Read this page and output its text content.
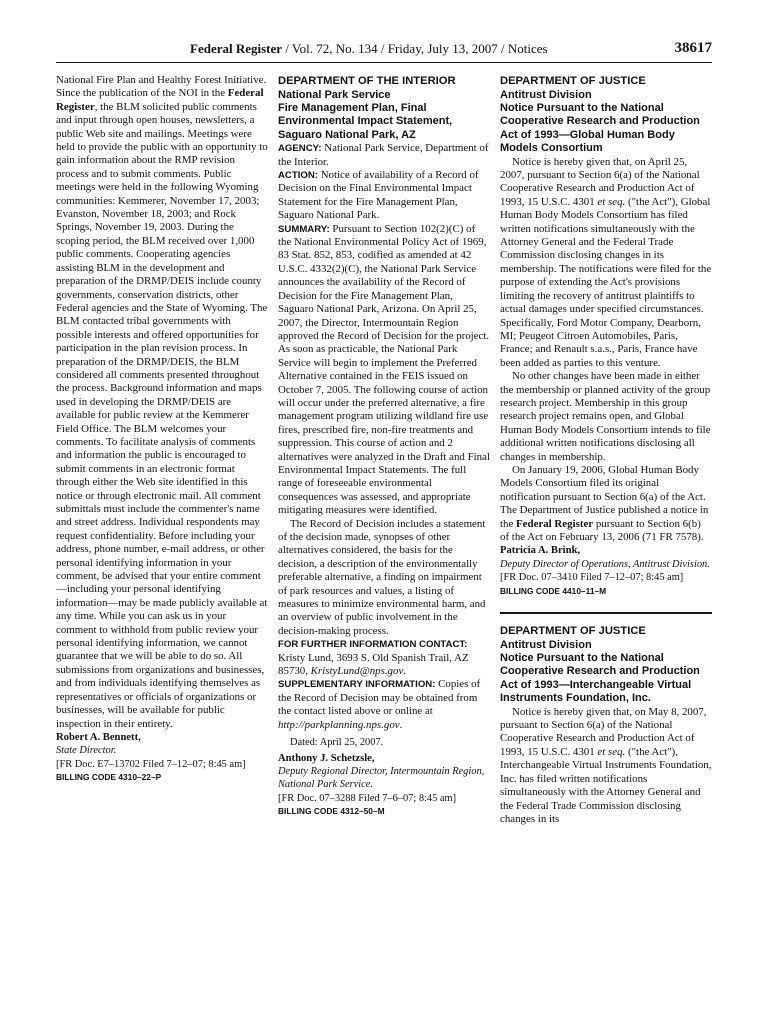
Federal Register / Vol. 72, No. 134 / Friday, July 13, 2007 / Notices	38617

National Fire Plan and Healthy Forest Initiative. Since the publication of the NOI in the Federal Register, the BLM solicited public comments and input through open houses, newsletters, a public Web site and mailings. Meetings were held to provide the public with an opportunity to gain information about the RMP revision process and to submit comments. Public meetings were held in the following Wyoming communities: Kemmerer, November 17, 2003; Evanston, November 18, 2003; and Rock Springs, November 19, 2003. During the scoping period, the BLM received over 1,000 public comments. Cooperating agencies assisting BLM in the development and preparation of the DRMP/DEIS include county governments, conservation districts, other Federal agencies and the State of Wyoming. The BLM contacted tribal governments with possible interests and offered opportunities for participation in the plan revision process. In preparation of the DRMP/DEIS, the BLM considered all comments presented throughout the process. Background information and maps used in developing the DRMP/DEIS are available for public review at the Kemmerer Field Office. The BLM welcomes your comments. To facilitate analysis of comments and information the public is encouraged to submit comments in an electronic format through either the Web site identified in this notice or through electronic mail. All comment submittals must include the commenter's name and street address. Individual respondents may request confidentiality. Before including your address, phone number, e-mail address, or other personal identifying information in your comment, be advised that your entire comment—including your personal identifying information—may be made publicly available at any time. While you can ask us in your comment to withhold from public review your personal identifying information, we cannot guarantee that we will be able to do so. All submissions from organizations and businesses, and from individuals identifying themselves as representatives or officials of organizations or businesses, will be available for public inspection in their entirety.

Robert A. Bennett,

State Director.

[FR Doc. E7–13702 Filed 7–12–07; 8:45 am]

BILLING CODE 4310–22–P

DEPARTMENT OF THE INTERIOR

National Park Service

Fire Management Plan, Final Environmental Impact Statement, Saguaro National Park, AZ

AGENCY: National Park Service, Department of the Interior.

ACTION: Notice of availability of a Record of Decision on the Final Environmental Impact Statement for the Fire Management Plan, Saguaro National Park.

SUMMARY: Pursuant to Section 102(2)(C) of the National Environmental Policy Act of 1969, 83 Stat. 852, 853, codified as amended at 42 U.S.C. 4332(2)(C), the National Park Service announces the availability of the Record of Decision for the Fire Management Plan, Saguaro National Park, Arizona. On April 25, 2007, the Director, Intermountain Region approved the Record of Decision for the project. As soon as practicable, the National Park Service will begin to implement the Preferred Alternative contained in the FEIS issued on October 7, 2005. The following course of action will occur under the preferred alternative, a fire management program utilizing wildland fire use fires, prescribed fire, non-fire treatments and suppression. This course of action and 2 alternatives were analyzed in the Draft and Final Environmental Impact Statements. The full range of foreseeable environmental consequences was assessed, and appropriate mitigating measures were identified.

The Record of Decision includes a statement of the decision made, synopses of other alternatives considered, the basis for the decision, a description of the environmentally preferable alternative, a finding on impairment of park resources and values, a listing of measures to minimize environmental harm, and an overview of public involvement in the decision-making process.

FOR FURTHER INFORMATION CONTACT: Kristy Lund, 3693 S. Old Spanish Trail, AZ 85730, KristyLund@nps.gov.

SUPPLEMENTARY INFORMATION: Copies of the Record of Decision may be obtained from the contact listed above or online at http://parkplanning.nps.gov.

Dated: April 25, 2007.

Anthony J. Schetzsle,

Deputy Regional Director, Intermountain Region, National Park Service.

[FR Doc. 07–3288 Filed 7–6–07; 8:45 am]

BILLING CODE 4312–50–M

DEPARTMENT OF JUSTICE

Antitrust Division

Notice Pursuant to the National Cooperative Research and Production Act of 1993—Global Human Body Models Consortium

Notice is hereby given that, on April 25, 2007, pursuant to Section 6(a) of the National Cooperative Research and Production Act of 1993, 15 U.S.C. 4301 et seq. ("the Act"), Global Human Body Models Consortium has filed written notifications simultaneously with the Attorney General and the Federal Trade Commission disclosing changes in its membership. The notifications were filed for the purpose of extending the Act's provisions limiting the recovery of antitrust plaintiffs to actual damages under specified circumstances. Specifically, Ford Motor Company, Dearborn, MI; Peugeot Citroen Automobiles, Paris, France; and Renault s.a.s., Paris, France have been added as parties to this venture.

No other changes have been made in either the membership or planned activity of the group research project. Membership in this group research project remains open, and Global Human Body Models Consortium intends to file additional written notifications disclosing all changes in membership.

On January 19, 2006, Global Human Body Models Consortium filed its original notification pursuant to Section 6(a) of the Act. The Department of Justice published a notice in the Federal Register pursuant to Section 6(b) of the Act on February 13, 2006 (71 FR 7578).

Patricia A. Brink,

Deputy Director of Operations, Antitrust Division.

[FR Doc. 07–3410 Filed 7–12–07; 8:45 am]

BILLING CODE 4410–11–M

DEPARTMENT OF JUSTICE

Antitrust Division

Notice Pursuant to the National Cooperative Research and Production Act of 1993—Interchangeable Virtual Instruments Foundation, Inc.

Notice is hereby given that, on May 8, 2007, pursuant to Section 6(a) of the National Cooperative Research and Production Act of 1993, 15 U.S.C. 4301 et seq. ("the Act"), Interchangeable Virtual Instruments Foundation, Inc. has filed written notifications simultaneously with the Attorney General and the Federal Trade Commission disclosing changes in its
